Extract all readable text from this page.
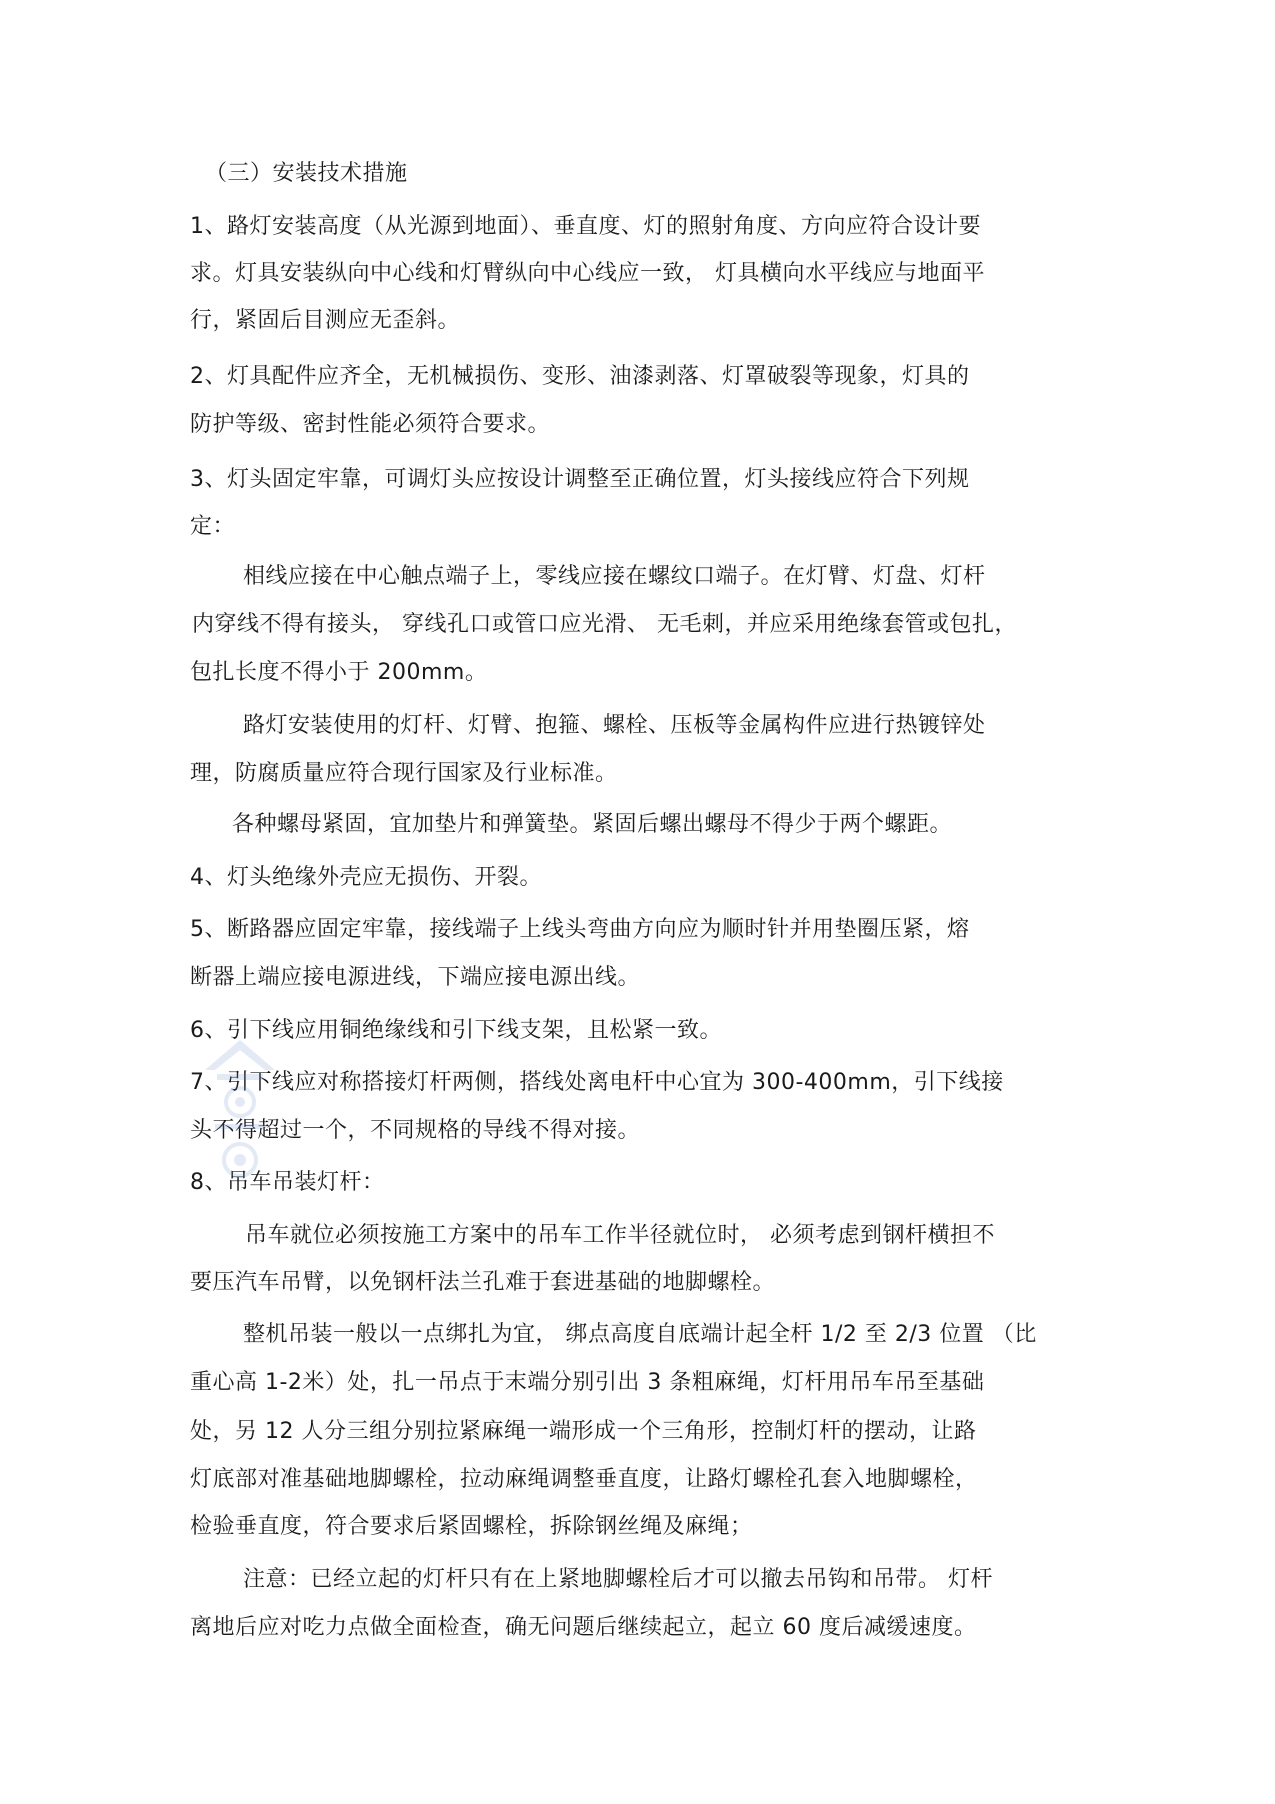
（三）安装技术措施
1、路灯安装高度（从光源到地面）、垂直度、灯的照射角度、方向应符合设计要
求。灯具安装纵向中心线和灯臂纵向中心线应一致， 灯具横向水平线应与地面平
行，紧固后目测应无歪斜。
2、灯具配件应齐全，无机械损伤、变形、油漆剥落、灯罩破裂等现象，灯具的
防护等级、密封性能必须符合要求。
3、灯头固定牢靠，可调灯头应按设计调整至正确位置，灯头接线应符合下列规
定：
相线应接在中心触点端子上，零线应接在螺纹口端子。在灯臂、灯盘、灯杆
内穿线不得有接头， 穿线孔口或管口应光滑、 无毛刺，并应采用绝缘套管或包扎，
包扎长度不得小于 200mm。
路灯安装使用的灯杆、灯臂、抱箍、螺栓、压板等金属构件应进行热镀锌处
理，防腐质量应符合现行国家及行业标准。
各种螺母紧固，宜加垫片和弹簧垫。紧固后螺出螺母不得少于两个螺距。
4、灯头绝缘外壳应无损伤、开裂。
5、断路器应固定牢靠，接线端子上线头弯曲方向应为顺时针并用垫圈压紧，熔
断器上端应接电源进线，下端应接电源出线。
6、引下线应用铜绝缘线和引下线支架，且松紧一致。
7、引下线应对称搭接灯杆两侧，搭线处离电杆中心宜为 300-400mm，引下线接
头不得超过一个，不同规格的导线不得对接。
8、吊车吊装灯杆：
吊车就位必须按施工方案中的吊车工作半径就位时， 必须考虑到钢杆横担不
要压汽车吊臂，以免钢杆法兰孔难于套进基础的地脚螺栓。
整机吊装一般以一点绑扎为宜， 绑点高度自底端计起全杆 1/2 至 2/3 位置 （比
重心高 1-2米）处，扎一吊点于末端分别引出 3 条粗麻绳，灯杆用吊车吊至基础
处，另 12 人分三组分别拉紧麻绳一端形成一个三角形，控制灯杆的摆动，让路
灯底部对准基础地脚螺栓，拉动麻绳调整垂直度，让路灯螺栓孔套入地脚螺栓，
检验垂直度，符合要求后紧固螺栓，拆除钢丝绳及麻绳；
注意：已经立起的灯杆只有在上紧地脚螺栓后才可以撤去吊钩和吊带。 灯杆
离地后应对吃力点做全面检查，确无问题后继续起立，起立 60 度后减缓速度。
